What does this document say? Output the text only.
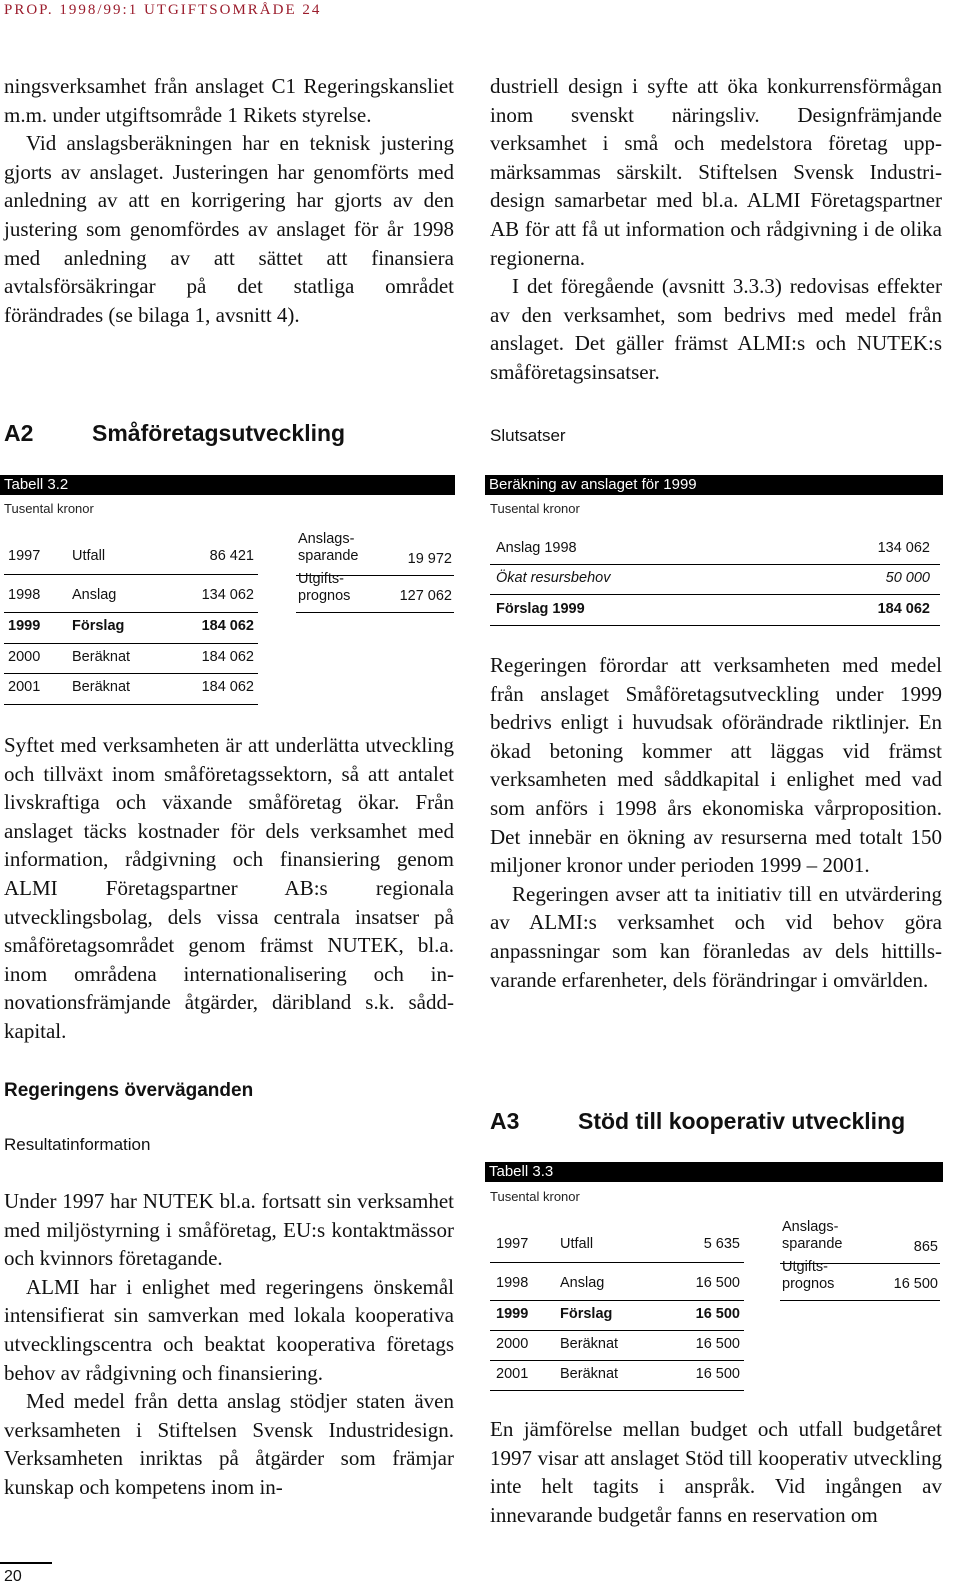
PROP. 1998/99:1 UTGIFTSOMRÅDE 24

ningsverksamhet från anslaget C1 Regeringskansliet m.m. under utgiftsområde 1 Rikets styrelse.

Vid anslagsberäkningen har en teknisk justering gjorts av anslaget. Justeringen har genomförts med anledning av att en korrigering har gjorts av den justering som genomfördes av anslaget för år 1998 med anledning av att sättet att finansiera avtalsförsäkringar på det statliga området förändrades (se bilaga 1, avsnitt 4).

dustriell design i syfte att öka konkurrensförmågan inom svenskt näringsliv. Designfrämjande verksamhet i små och medelstora företag uppmärksammas särskilt. Stiftelsen Svensk Industridesign samarbetar med bl.a. ALMI Företagspartner AB för att få ut information och rådgivning i de olika regionerna.

I det föregående (avsnitt 3.3.3) redovisas effekter av den verksamhet, som bedrivs med medel från anslaget. Det gäller främst ALMI:s och NUTEK:s småföretagsinsatser.

A2	Småföretagsutveckling	Slutsatser
Tabell 3.2
Tusental kronor
1997 Utfall	86 421
1998 Anslag	134 062
1999 Förslag	184 062
2000 Beräknat	184 062
2001 Beräknat	184 062
Anslags-
sparande	19 972
Utgifts-
prognos	127 062
Beräkning av anslaget för 1999
Tusental kronor
Anslag 1998	134 062
Ökat resursbehov	50 000
Förslag 1999	184 062

Syftet med verksamheten är att underlätta utveckling och tillväxt inom småföretagssektorn, så att antalet livskraftiga och växande småföretag ökar. Från anslaget täcks kostnader för dels verksamhet med information, rådgivning och finansiering genom ALMI Företagspartner AB:s regionala utvecklingsbolag, dels vissa centrala insatser på småföretagsområdet genom främst NUTEK, bl.a. inom områdena internationalisering och innovationsfrämjande åtgärder, däribland s.k. såddkapital.

Regeringen förordar att verksamheten med medel från anslaget Småföretagsutveckling under 1999 bedrivs enligt i huvudsak oförändrade riktlinjer. En ökad betoning kommer att läggas vid främst verksamheten med såddkapital i enlighet med vad som anförs i 1998 års ekonomiska vårproposition. Det innebär en ökning av resurserna med totalt 150 miljoner kronor under perioden 1999 – 2001.

Regeringen avser att ta initiativ till en utvärdering av ALMI:s verksamhet och vid behov göra anpassningar som kan föranledas av dels hittillsvarande erfarenheter, dels förändringar i omvärlden.

Regeringens överväganden
Resultatinformation

Under 1997 har NUTEK bl.a. fortsatt sin verksamhet med miljöstyrning i småföretag, EU:s kontaktmässor och kvinnors företagande.

ALMI har i enlighet med regeringens önskemål intensifierat sin samverkan med lokala kooperativa utvecklingscentra och beaktat kooperativa företags behov av rådgivning och finansiering.

Med medel från detta anslag stödjer staten även verksamheten i Stiftelsen Svensk Industridesign. Verksamheten inriktas på åtgärder som främjar kunskap och kompetens inom in-

A3	Stöd till kooperativ utveckling
Tabell 3.3
Tusental kronor
1997 Utfall	5 635
1998 Anslag	16 500
1999 Förslag	16 500
2000 Beräknat	16 500
2001 Beräknat	16 500
Anslags-
sparande	865
Utgifts-
prognos	16 500

En jämförelse mellan budget och utfall budgetåret 1997 visar att anslaget Stöd till kooperativ utveckling inte helt tagits i anspråk. Vid ingången av innevarande budgetår fanns en reservation om

20
